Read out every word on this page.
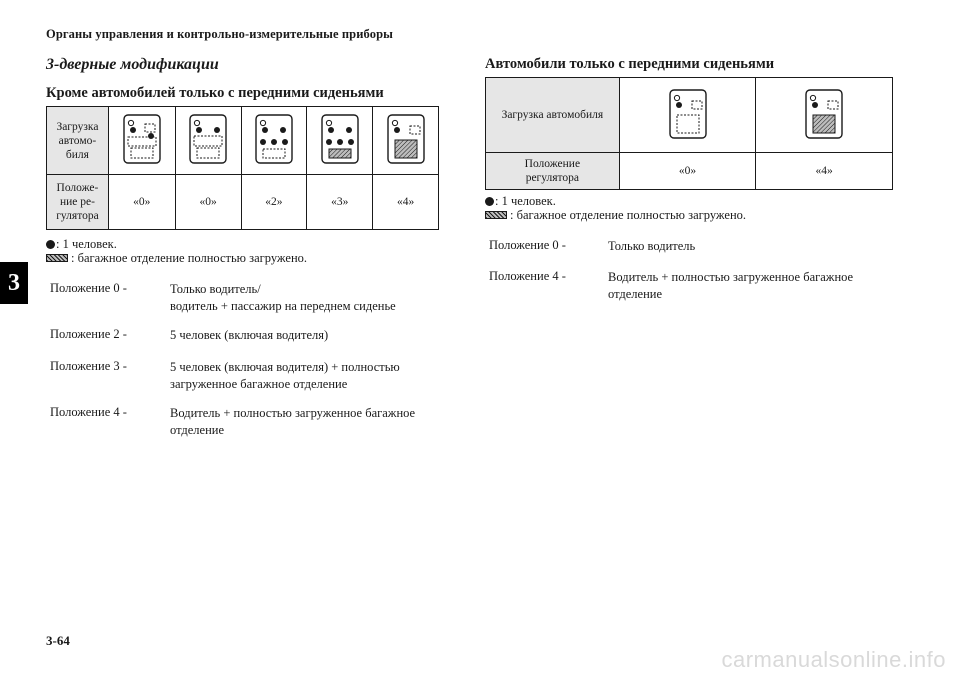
Органы управления и контрольно-измерительные приборы
3
3-дверные модификации
Кроме автомобилей только с передними сиденьями
Загрузка
автомо-
биля

Положе-
ние ре-
гулятора	«0»	«0»	«2»	«3»	«4»
: 1 человек.
: багажное отделение полностью загружено.
Положение 0 -	Только водитель/
водитель + пассажир на переднем сиденье
Положение 2 -	5 человек (включая водителя)
Положение 3 -	5 человек (включая водителя) + полностью
загруженное багажное отделение
Положение 4 -	Водитель + полностью загруженное багажное
отделение
Автомобили только с передними сиденьями
Загрузка автомобиля		

Положение
регулятора	«0»	«4»
: 1 человек.
: багажное отделение полностью загружено.
Положение 0 -	Только водитель
Положение 4 -	Водитель + полностью загруженное багажное
отделение
3-64
carmanualsonline.info
